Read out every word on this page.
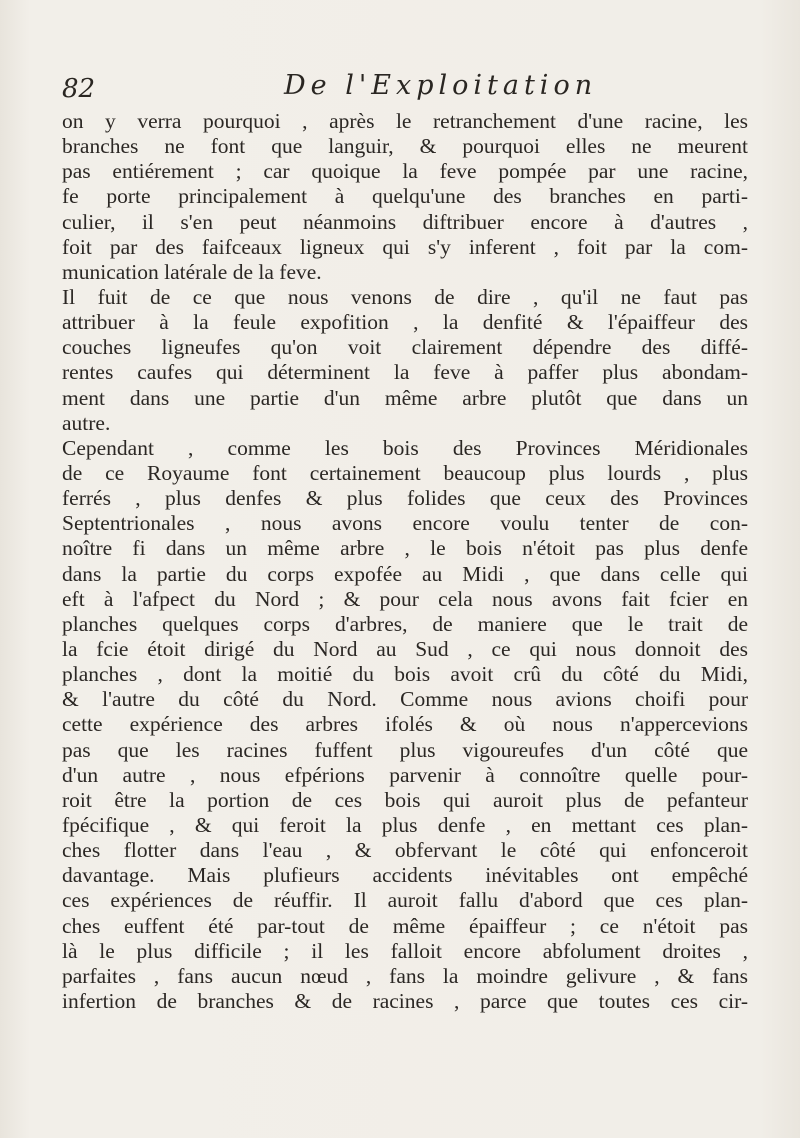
82	De l'Exploitation
on y verra pourquoi , après le retranchement d'une racine, les
branches ne font que languir, & pourquoi elles ne meurent
pas entiérement ; car quoique la feve pompée par une racine,
fe porte principalement à quelqu'une des branches en parti-
culier, il s'en peut néanmoins diftribuer encore à d'autres ,
foit par des faifceaux ligneux qui s'y inferent , foit par la com-
munication latérale de la feve.
Il fuit de ce que nous venons de dire , qu'il ne faut pas
attribuer à la feule expofition , la denfité & l'épaiffeur des
couches ligneufes qu'on voit clairement dépendre des diffé-
rentes caufes qui déterminent la feve à paffer plus abondam-
ment dans une partie d'un même arbre plutôt que dans un
autre.
Cependant , comme les bois des Provinces Méridionales
de ce Royaume font certainement beaucoup plus lourds , plus
ferrés , plus denfes & plus folides que ceux des Provinces
Septentrionales , nous avons encore voulu tenter de con-
noître fi dans un même arbre , le bois n'étoit pas plus denfe
dans la partie du corps expofée au Midi , que dans celle qui
eft à l'afpect du Nord ; & pour cela nous avons fait fcier en
planches quelques corps d'arbres, de maniere que le trait de
la fcie étoit dirigé du Nord au Sud , ce qui nous donnoit des
planches , dont la moitié du bois avoit crû du côté du Midi,
& l'autre du côté du Nord. Comme nous avions choifi pour
cette expérience des arbres ifolés & où nous n'appercevions
pas que les racines fuffent plus vigoureufes d'un côté que
d'un autre , nous efpérions parvenir à connoître quelle pour-
roit être la portion de ces bois qui auroit plus de pefanteur
fpécifique , & qui feroit la plus denfe , en mettant ces plan-
ches flotter dans l'eau , & obfervant le côté qui enfonceroit
davantage. Mais plufieurs accidents inévitables ont empêché
ces expériences de réuffir. Il auroit fallu d'abord que ces plan-
ches euffent été par-tout de même épaiffeur ; ce n'étoit pas
là le plus difficile ; il les falloit encore abfolument droites ,
parfaites , fans aucun nœud , fans la moindre gelivure , & fans
infertion de branches & de racines , parce que toutes ces cir-
